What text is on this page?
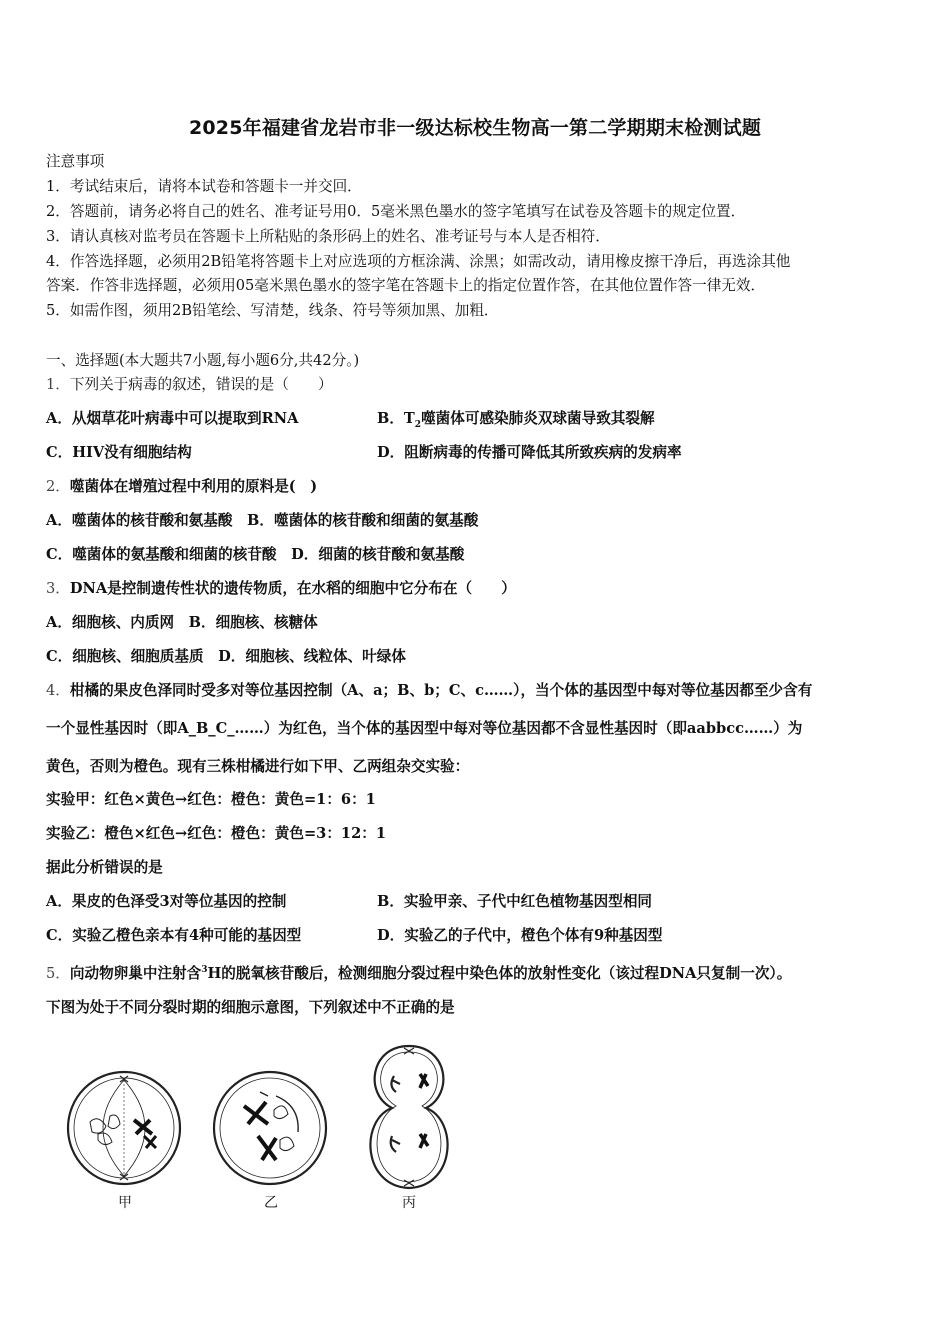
2025年福建省龙岩市非一级达标校生物高一第二学期期末检测试题
注意事项
1．考试结束后，请将本试卷和答题卡一并交回．
2．答题前，请务必将自己的姓名、准考证号用0．5毫米黑色墨水的签字笔填写在试卷及答题卡的规定位置．
3．请认真核对监考员在答题卡上所粘贴的条形码上的姓名、准考证号与本人是否相符．
4．作答选择题，必须用2B铅笔将答题卡上对应选项的方框涂满、涂黑；如需改动，请用橡皮擦干净后，再选涂其他
答案．作答非选择题，必须用05毫米黑色墨水的签字笔在答题卡上的指定位置作答，在其他位置作答一律无效．
5．如需作图，须用2B铅笔绘、写清楚，线条、符号等须加黑、加粗．
一、选择题(本大题共7小题,每小题6分,共42分。)
1．下列关于病毒的叙述，错误的是（　　）
A．从烟草花叶病毒中可以提取到RNA	B．$T_2$噬菌体可感染肺炎双球菌导致其裂解
C．HIV没有细胞结构	D．阻断病毒的传播可降低其所致疾病的发病率
2．噬菌体在增殖过程中利用的原料是(　)
A．噬菌体的核苷酸和氨基酸　B．噬菌体的核苷酸和细菌的氨基酸
C．噬菌体的氨基酸和细菌的核苷酸　D．细菌的核苷酸和氨基酸
3．DNA是控制遗传性状的遗传物质，在水稻的细胞中它分布在（　　）
A．细胞核、内质网　B．细胞核、核糖体
C．细胞核、细胞质基质　D．细胞核、线粒体、叶绿体
4．柑橘的果皮色泽同时受多对等位基因控制（A、a；B、b；C、c……），当个体的基因型中每对等位基因都至少含有
一个显性基因时（即A_B_C_……）为红色，当个体的基因型中每对等位基因都不含显性基因时（即aabbcc……）为
黄色，否则为橙色。现有三株柑橘进行如下甲、乙两组杂交实验：
实验甲：红色×黄色→红色：橙色：黄色=1：6：1
实验乙：橙色×红色→红色：橙色：黄色=3：12：1
据此分析错误的是
A．果皮的色泽受3对等位基因的控制	B．实验甲亲、子代中红色植物基因型相同
C．实验乙橙色亲本有4种可能的基因型	D．实验乙的子代中，橙色个体有9种基因型
5．向动物卵巢中注射含$^3$H的脱氧核苷酸后，检测细胞分裂过程中染色体的放射性变化（该过程DNA只复制一次）。
下图为处于不同分裂时期的细胞示意图，下列叙述中不正确的是
甲	乙	丙
